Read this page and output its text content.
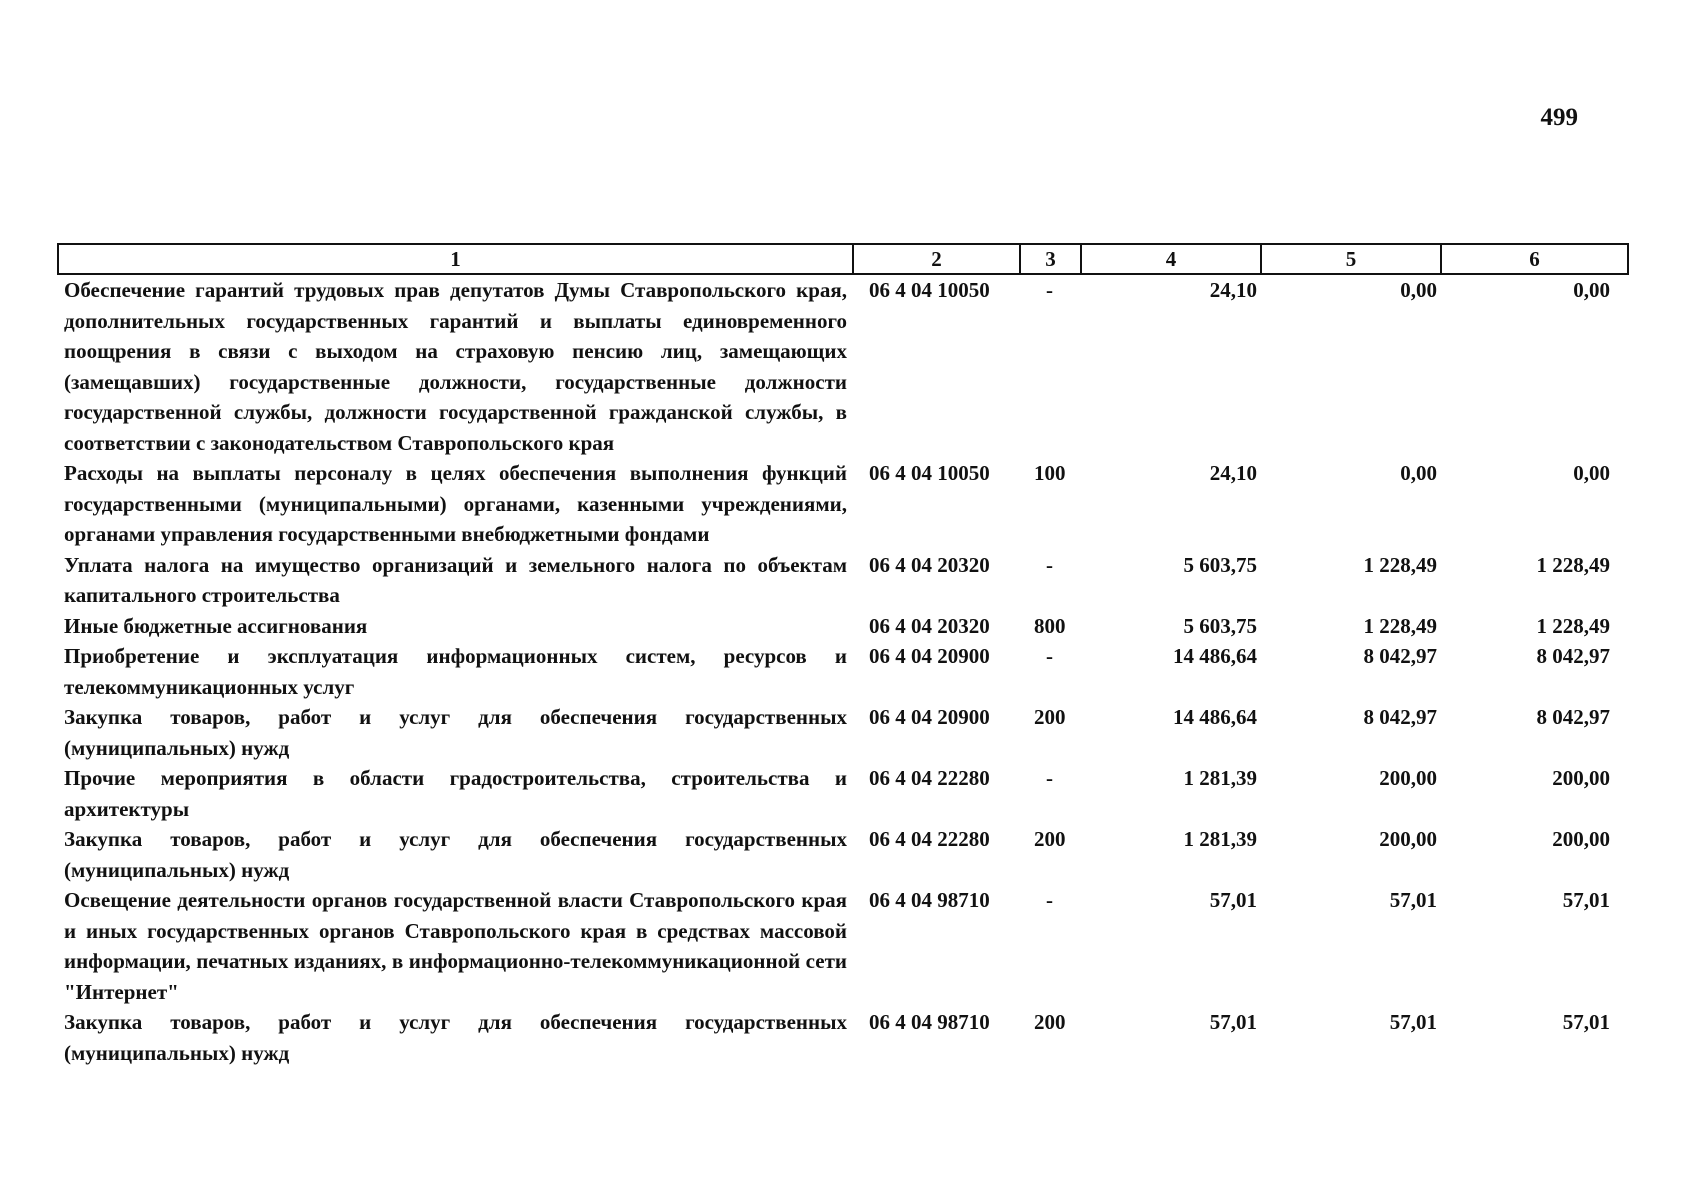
499
1	2	3	4	5	6
Обеспечение гарантий трудовых прав депутатов Думы Ставропольского края, дополнительных государственных гарантий и выплаты единовременного поощрения в связи с выходом на страховую пенсию лиц, замещающих (замещавших) государственные должности, государственные должности государственной службы, должности государственной гражданской службы, в соответствии с законодательством Ставропольского края	06 4 04 10050	-	24,10	0,00	0,00
Расходы на выплаты персоналу в целях обеспечения выполнения функций государственными (муниципальными) органами, казенными учреждениями, органами управления государственными внебюджетными фондами	06 4 04 10050	100	24,10	0,00	0,00
Уплата налога на имущество организаций и земельного налога по объектам капитального строительства	06 4 04 20320	-	5 603,75	1 228,49	1 228,49
Иные бюджетные ассигнования	06 4 04 20320	800	5 603,75	1 228,49	1 228,49
Приобретение и эксплуатация информационных систем, ресурсов и телекоммуникационных услуг	06 4 04 20900	-	14 486,64	8 042,97	8 042,97
Закупка товаров, работ и услуг для обеспечения государственных (муниципальных) нужд	06 4 04 20900	200	14 486,64	8 042,97	8 042,97
Прочие мероприятия в области градостроительства, строительства и архитектуры	06 4 04 22280	-	1 281,39	200,00	200,00
Закупка товаров, работ и услуг для обеспечения государственных (муниципальных) нужд	06 4 04 22280	200	1 281,39	200,00	200,00
Освещение деятельности органов государственной власти Ставропольского края и иных государственных органов Ставропольского края в средствах массовой информации, печатных изданиях, в информационно-телекоммуникационной сети "Интернет"	06 4 04 98710	-	57,01	57,01	57,01
Закупка товаров, работ и услуг для обеспечения государственных (муниципальных) нужд	06 4 04 98710	200	57,01	57,01	57,01
